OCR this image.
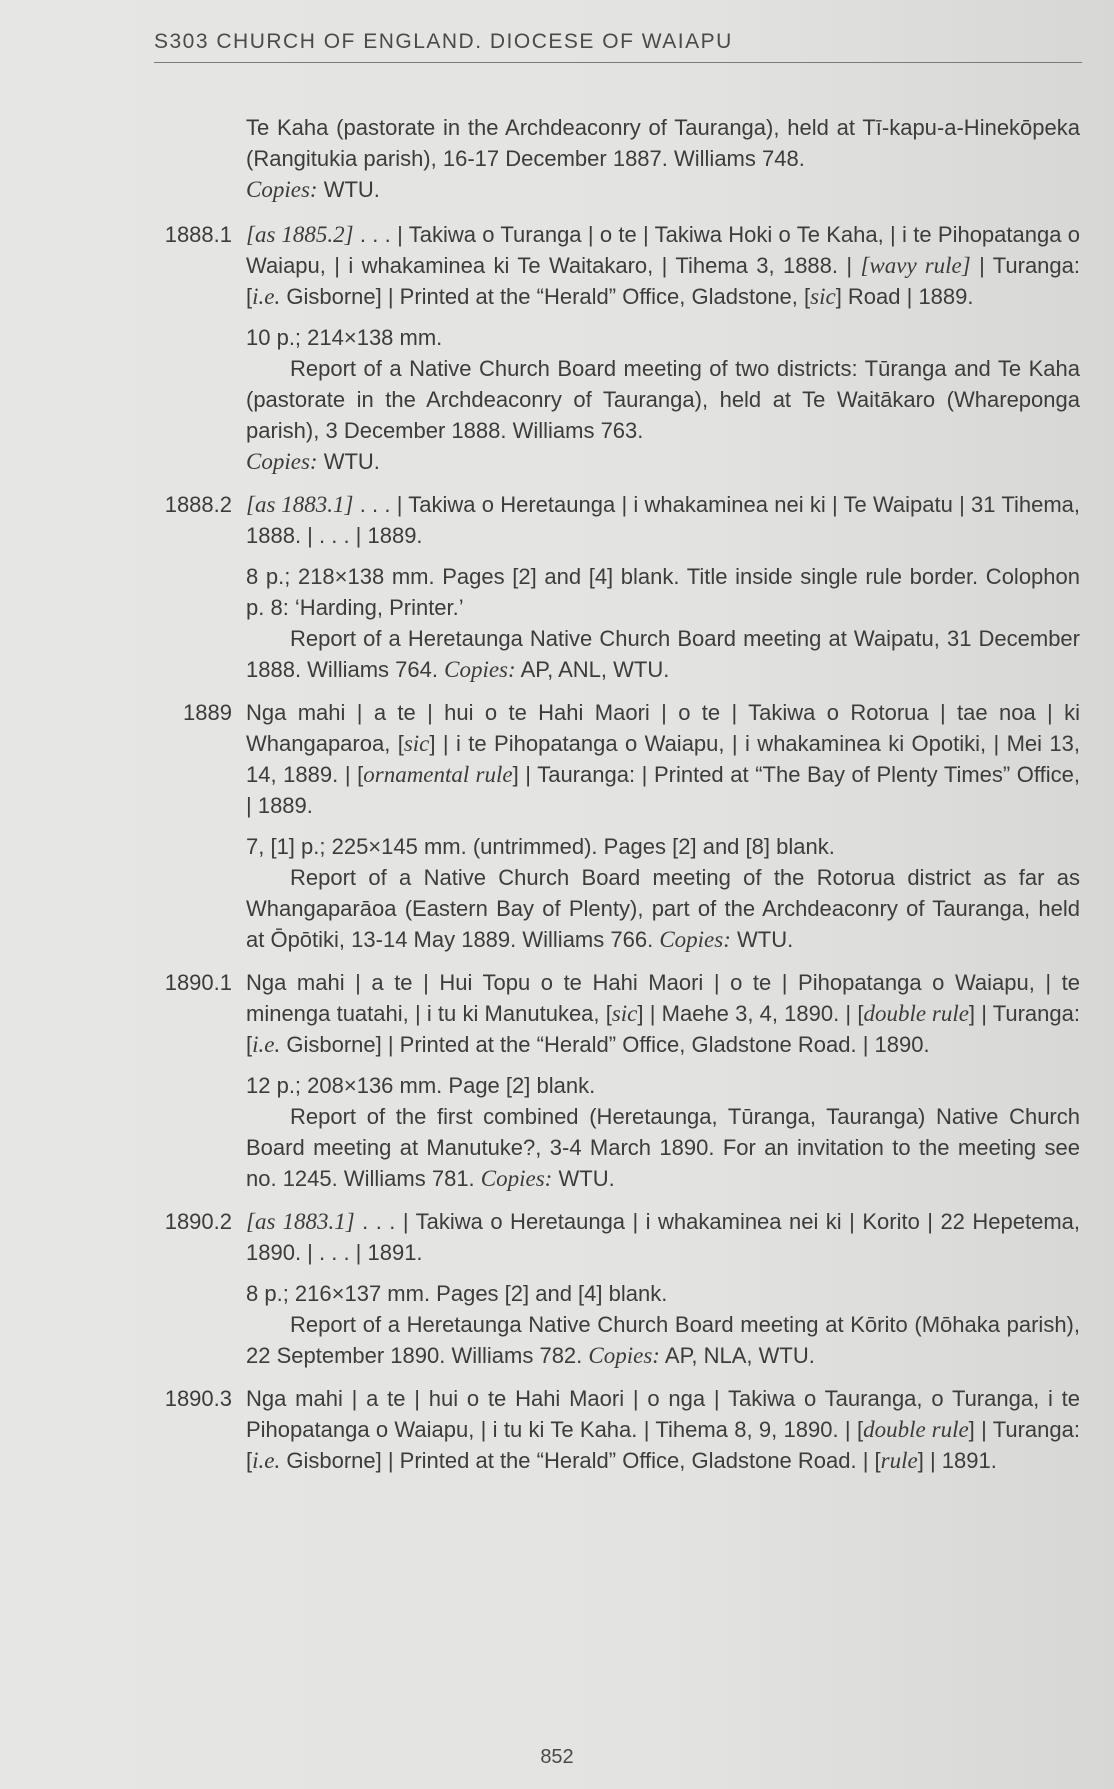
S303 CHURCH OF ENGLAND. DIOCESE OF WAIAPU

Te Kaha (pastorate in the Archdeaconry of Tauranga), held at Tī-kapu-a-Hinekōpeka (Rangitukia parish), 16-17 December 1887. Williams 748.
Copies: WTU.

1888.1 [as 1885.2] . . . | Takiwa o Turanga | o te | Takiwa Hoki o Te Kaha, | i te Pihopatanga o Waiapu, | i whakaminea ki Te Waitakaro, | Tihema 3, 1888. | [wavy rule] | Turanga: [i.e. Gisborne] | Printed at the “Herald” Office, Gladstone, [sic] Road | 1889.

10 p.; 214×138 mm.

Report of a Native Church Board meeting of two districts: Tūranga and Te Kaha (pastorate in the Archdeaconry of Tauranga), held at Te Waitākaro (Whareponga parish), 3 December 1888. Williams 763.
Copies: WTU.

1888.2 [as 1883.1] . . . | Takiwa o Heretaunga | i whakaminea nei ki | Te Waipatu | 31 Tihema, 1888. | . . . | 1889.

8 p.; 218×138 mm. Pages [2] and [4] blank. Title inside single rule border. Colophon p. 8: ‘Harding, Printer.’

Report of a Heretaunga Native Church Board meeting at Waipatu, 31 December 1888. Williams 764. Copies: AP, ANL, WTU.

1889 Nga mahi | a te | hui o te Hahi Maori | o te | Takiwa o Rotorua | tae noa | ki Whangaparoa, [sic] | i te Pihopatanga o Waiapu, | i whakaminea ki Opotiki, | Mei 13, 14, 1889. | [ornamental rule] | Tauranga: | Printed at “The Bay of Plenty Times” Office, | 1889.

7, [1] p.; 225×145 mm. (untrimmed). Pages [2] and [8] blank.

Report of a Native Church Board meeting of the Rotorua district as far as Whangaparāoa (Eastern Bay of Plenty), part of the Archdeaconry of Tauranga, held at Ōpōtiki, 13-14 May 1889. Williams 766. Copies: WTU.

1890.1 Nga mahi | a te | Hui Topu o te Hahi Maori | o te | Pihopatanga o Waiapu, | te minenga tuatahi, | i tu ki Manutukea, [sic] | Maehe 3, 4, 1890. | [double rule] | Turanga: [i.e. Gisborne] | Printed at the “Herald” Office, Gladstone Road. | 1890.

12 p.; 208×136 mm. Page [2] blank.

Report of the first combined (Heretaunga, Tūranga, Tauranga) Native Church Board meeting at Manutuke?, 3-4 March 1890. For an invitation to the meeting see no. 1245. Williams 781. Copies: WTU.

1890.2 [as 1883.1] . . . | Takiwa o Heretaunga | i whakaminea nei ki | Korito | 22 Hepetema, 1890. | . . . | 1891.

8 p.; 216×137 mm. Pages [2] and [4] blank.

Report of a Heretaunga Native Church Board meeting at Kōrito (Mōhaka parish), 22 September 1890. Williams 782. Copies: AP, NLA, WTU.

1890.3 Nga mahi | a te | hui o te Hahi Maori | o nga | Takiwa o Tauranga, o Turanga, i te Pihopatanga o Waiapu, | i tu ki Te Kaha. | Tihema 8, 9, 1890. | [double rule] | Turanga: [i.e. Gisborne] | Printed at the “Herald” Office, Gladstone Road. | [rule] | 1891.

852
